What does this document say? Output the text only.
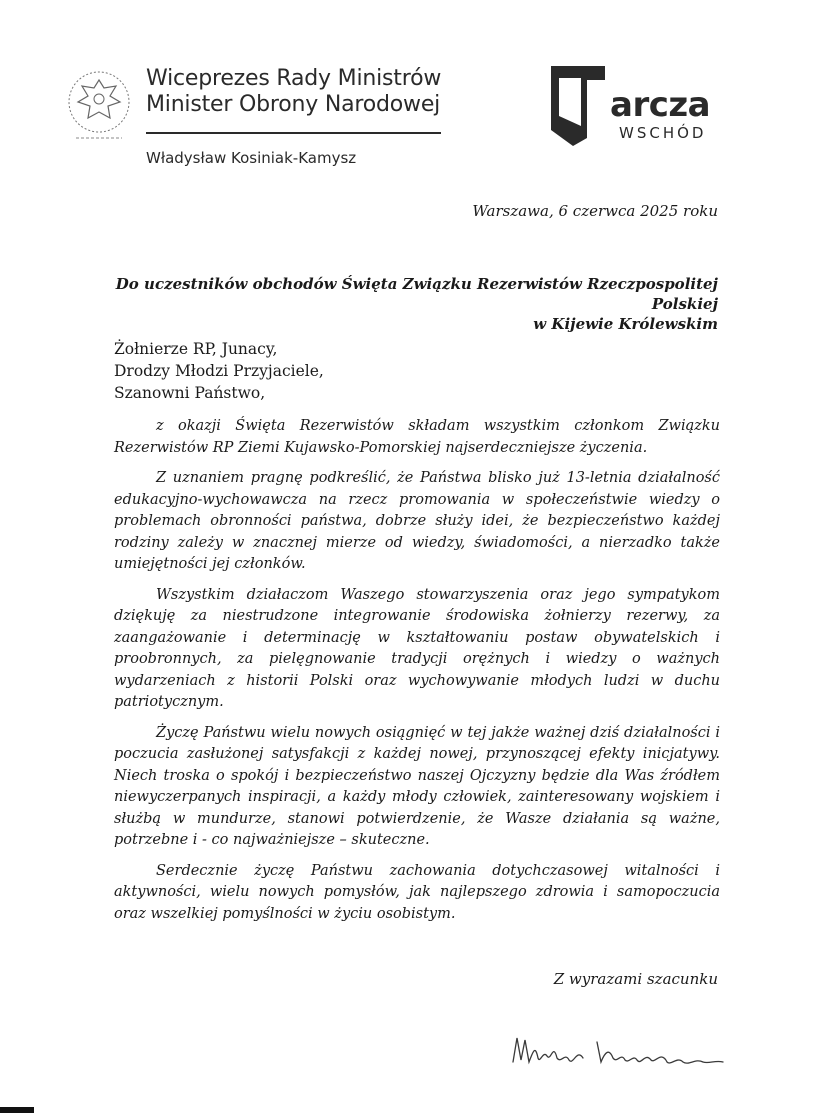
Wiceprezes Rady Ministrów
Minister Obrony Narodowej
Władysław Kosiniak-Kamysz
arcza
WSCHÓD
Warszawa, 6 czerwca 2025 roku
Do uczestników obchodów Święta Związku Rezerwistów Rzeczpospolitej Polskiej
w Kijewie Królewskim
Żołnierze RP, Junacy,
Drodzy Młodzi Przyjaciele,
Szanowni Państwo,

z okazji Święta Rezerwistów składam wszystkim członkom Związku Rezerwistów RP Ziemi Kujawsko-Pomorskiej najserdeczniejsze życzenia.

Z uznaniem pragnę podkreślić, że Państwa blisko już 13-letnia działalność edukacyjno-wychowawcza na rzecz promowania w społeczeństwie wiedzy o problemach obronności państwa, dobrze służy idei, że bezpieczeństwo każdej rodziny zależy w znacznej mierze od wiedzy, świadomości, a nierzadko także umiejętności jej członków.

Wszystkim działaczom Waszego stowarzyszenia oraz jego sympatykom dziękuję za niestrudzone integrowanie środowiska żołnierzy rezerwy, za zaangażowanie i determinację w kształtowaniu postaw obywatelskich i proobronnych, za pielęgnowanie tradycji orężnych i wiedzy o ważnych wydarzeniach z historii Polski oraz wychowywanie młodych ludzi w duchu patriotycznym.

Życzę Państwu wielu nowych osiągnięć w tej jakże ważnej dziś działalności i poczucia zasłużonej satysfakcji z każdej nowej, przynoszącej efekty inicjatywy. Niech troska o spokój i bezpieczeństwo naszej Ojczyzny będzie dla Was źródłem niewyczerpanych inspiracji, a każdy młody człowiek, zainteresowany wojskiem i służbą w mundurze, stanowi potwierdzenie, że Wasze działania są ważne, potrzebne i - co najważniejsze – skuteczne.

Serdecznie życzę Państwu zachowania dotychczasowej witalności i aktywności, wielu nowych pomysłów, jak najlepszego zdrowia i samopoczucia oraz wszelkiej pomyślności w życiu osobistym.

Z wyrazami szacunku
